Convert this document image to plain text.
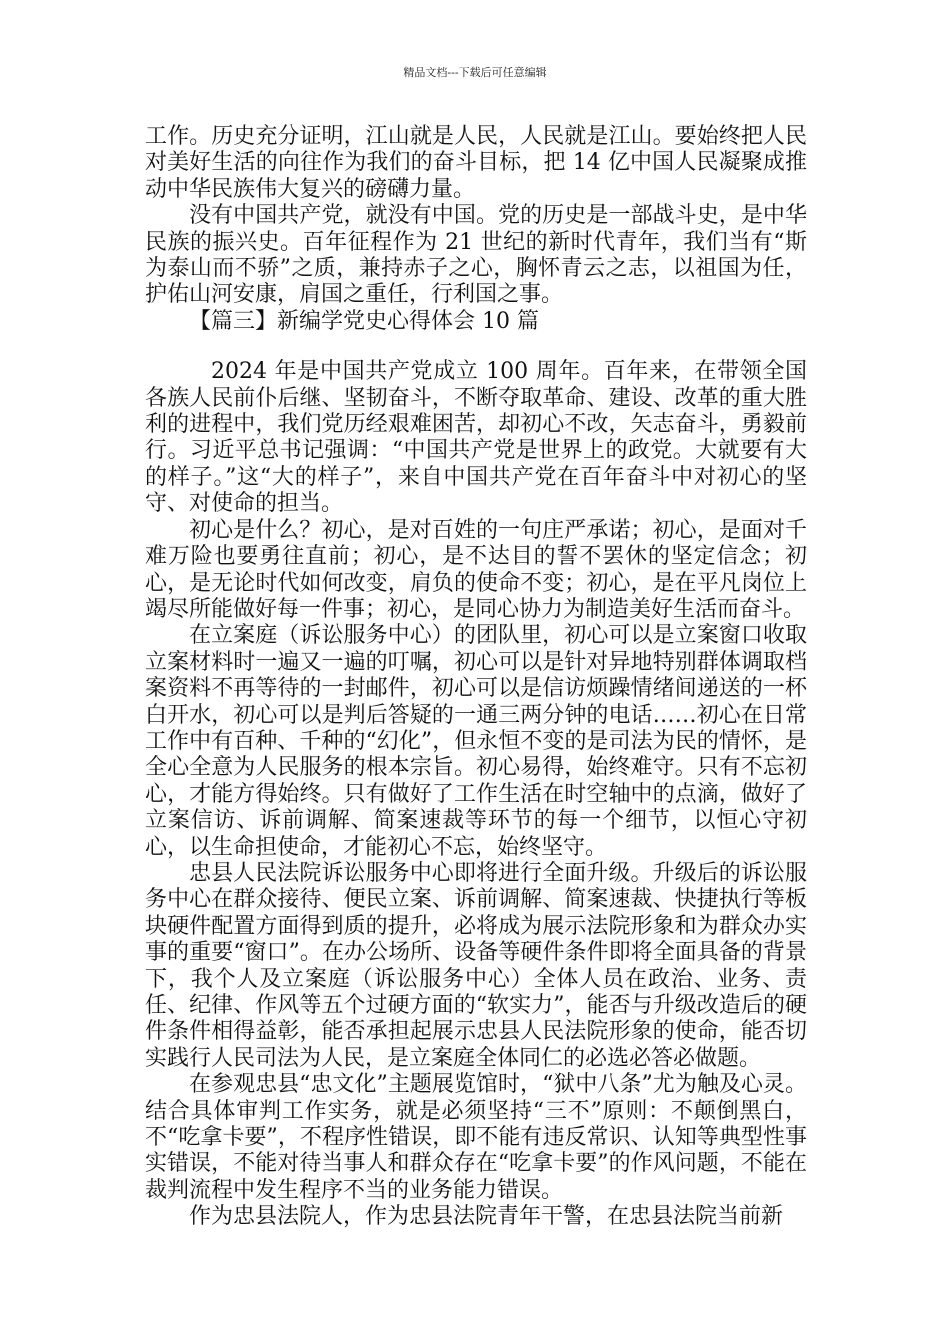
精品文档---下载后可任意编辑

工作。历史充分证明，江山就是人民，人民就是江山。要始终把人民对美好生活的向往作为我们的奋斗目标，把 14 亿中国人民凝聚成推动中华民族伟大复兴的磅礴力量。

没有中国共产党，就没有中国。党的历史是一部战斗史，是中华民族的振兴史。百年征程作为 21 世纪的新时代青年，我们当有“斯为泰山而不骄”之质，兼持赤子之心，胸怀青云之志，以祖国为任，护佑山河安康，肩国之重任，行利国之事。

【篇三】新编学党史心得体会 10 篇

2024 年是中国共产党成立 100 周年。百年来，在带领全国各族人民前仆后继、坚韧奋斗，不断夺取革命、建设、改革的重大胜利的进程中，我们党历经艰难困苦，却初心不改，矢志奋斗，勇毅前行。习近平总书记强调：“中国共产党是世界上的政党。大就要有大的样子。”这“大的样子”，来自中国共产党在百年奋斗中对初心的坚守、对使命的担当。

初心是什么？初心，是对百姓的一句庄严承诺；初心，是面对千难万险也要勇往直前；初心，是不达目的誓不罢休的坚定信念；初心，是无论时代如何改变，肩负的使命不变；初心，是在平凡岗位上竭尽所能做好每一件事；初心，是同心协力为制造美好生活而奋斗。

在立案庭（诉讼服务中心）的团队里，初心可以是立案窗口收取立案材料时一遍又一遍的叮嘱，初心可以是针对异地特别群体调取档案资料不再等待的一封邮件，初心可以是信访烦躁情绪间递送的一杯白开水，初心可以是判后答疑的一通三两分钟的电话……初心在日常工作中有百种、千种的“幻化”，但永恒不变的是司法为民的情怀，是全心全意为人民服务的根本宗旨。初心易得，始终难守。只有不忘初心，才能方得始终。只有做好了工作生活在时空轴中的点滴，做好了立案信访、诉前调解、简案速裁等环节的每一个细节，以恒心守初心，以生命担使命，才能初心不忘，始终坚守。

忠县人民法院诉讼服务中心即将进行全面升级。升级后的诉讼服务中心在群众接待、便民立案、诉前调解、简案速裁、快捷执行等板块硬件配置方面得到质的提升，必将成为展示法院形象和为群众办实事的重要“窗口”。在办公场所、设备等硬件条件即将全面具备的背景下，我个人及立案庭（诉讼服务中心）全体人员在政治、业务、责任、纪律、作风等五个过硬方面的“软实力”，能否与升级改造后的硬件条件相得益彰，能否承担起展示忠县人民法院形象的使命，能否切实践行人民司法为人民，是立案庭全体同仁的必选必答必做题。

在参观忠县“忠文化”主题展览馆时，“狱中八条”尤为触及心灵。结合具体审判工作实务，就是必须坚持“三不”原则：不颠倒黑白，不“吃拿卡要”，不程序性错误，即不能有违反常识、认知等典型性事实错误，不能对待当事人和群众存在“吃拿卡要”的作风问题，不能在裁判流程中发生程序不当的业务能力错误。

作为忠县法院人，作为忠县法院青年干警，在忠县法院当前新
